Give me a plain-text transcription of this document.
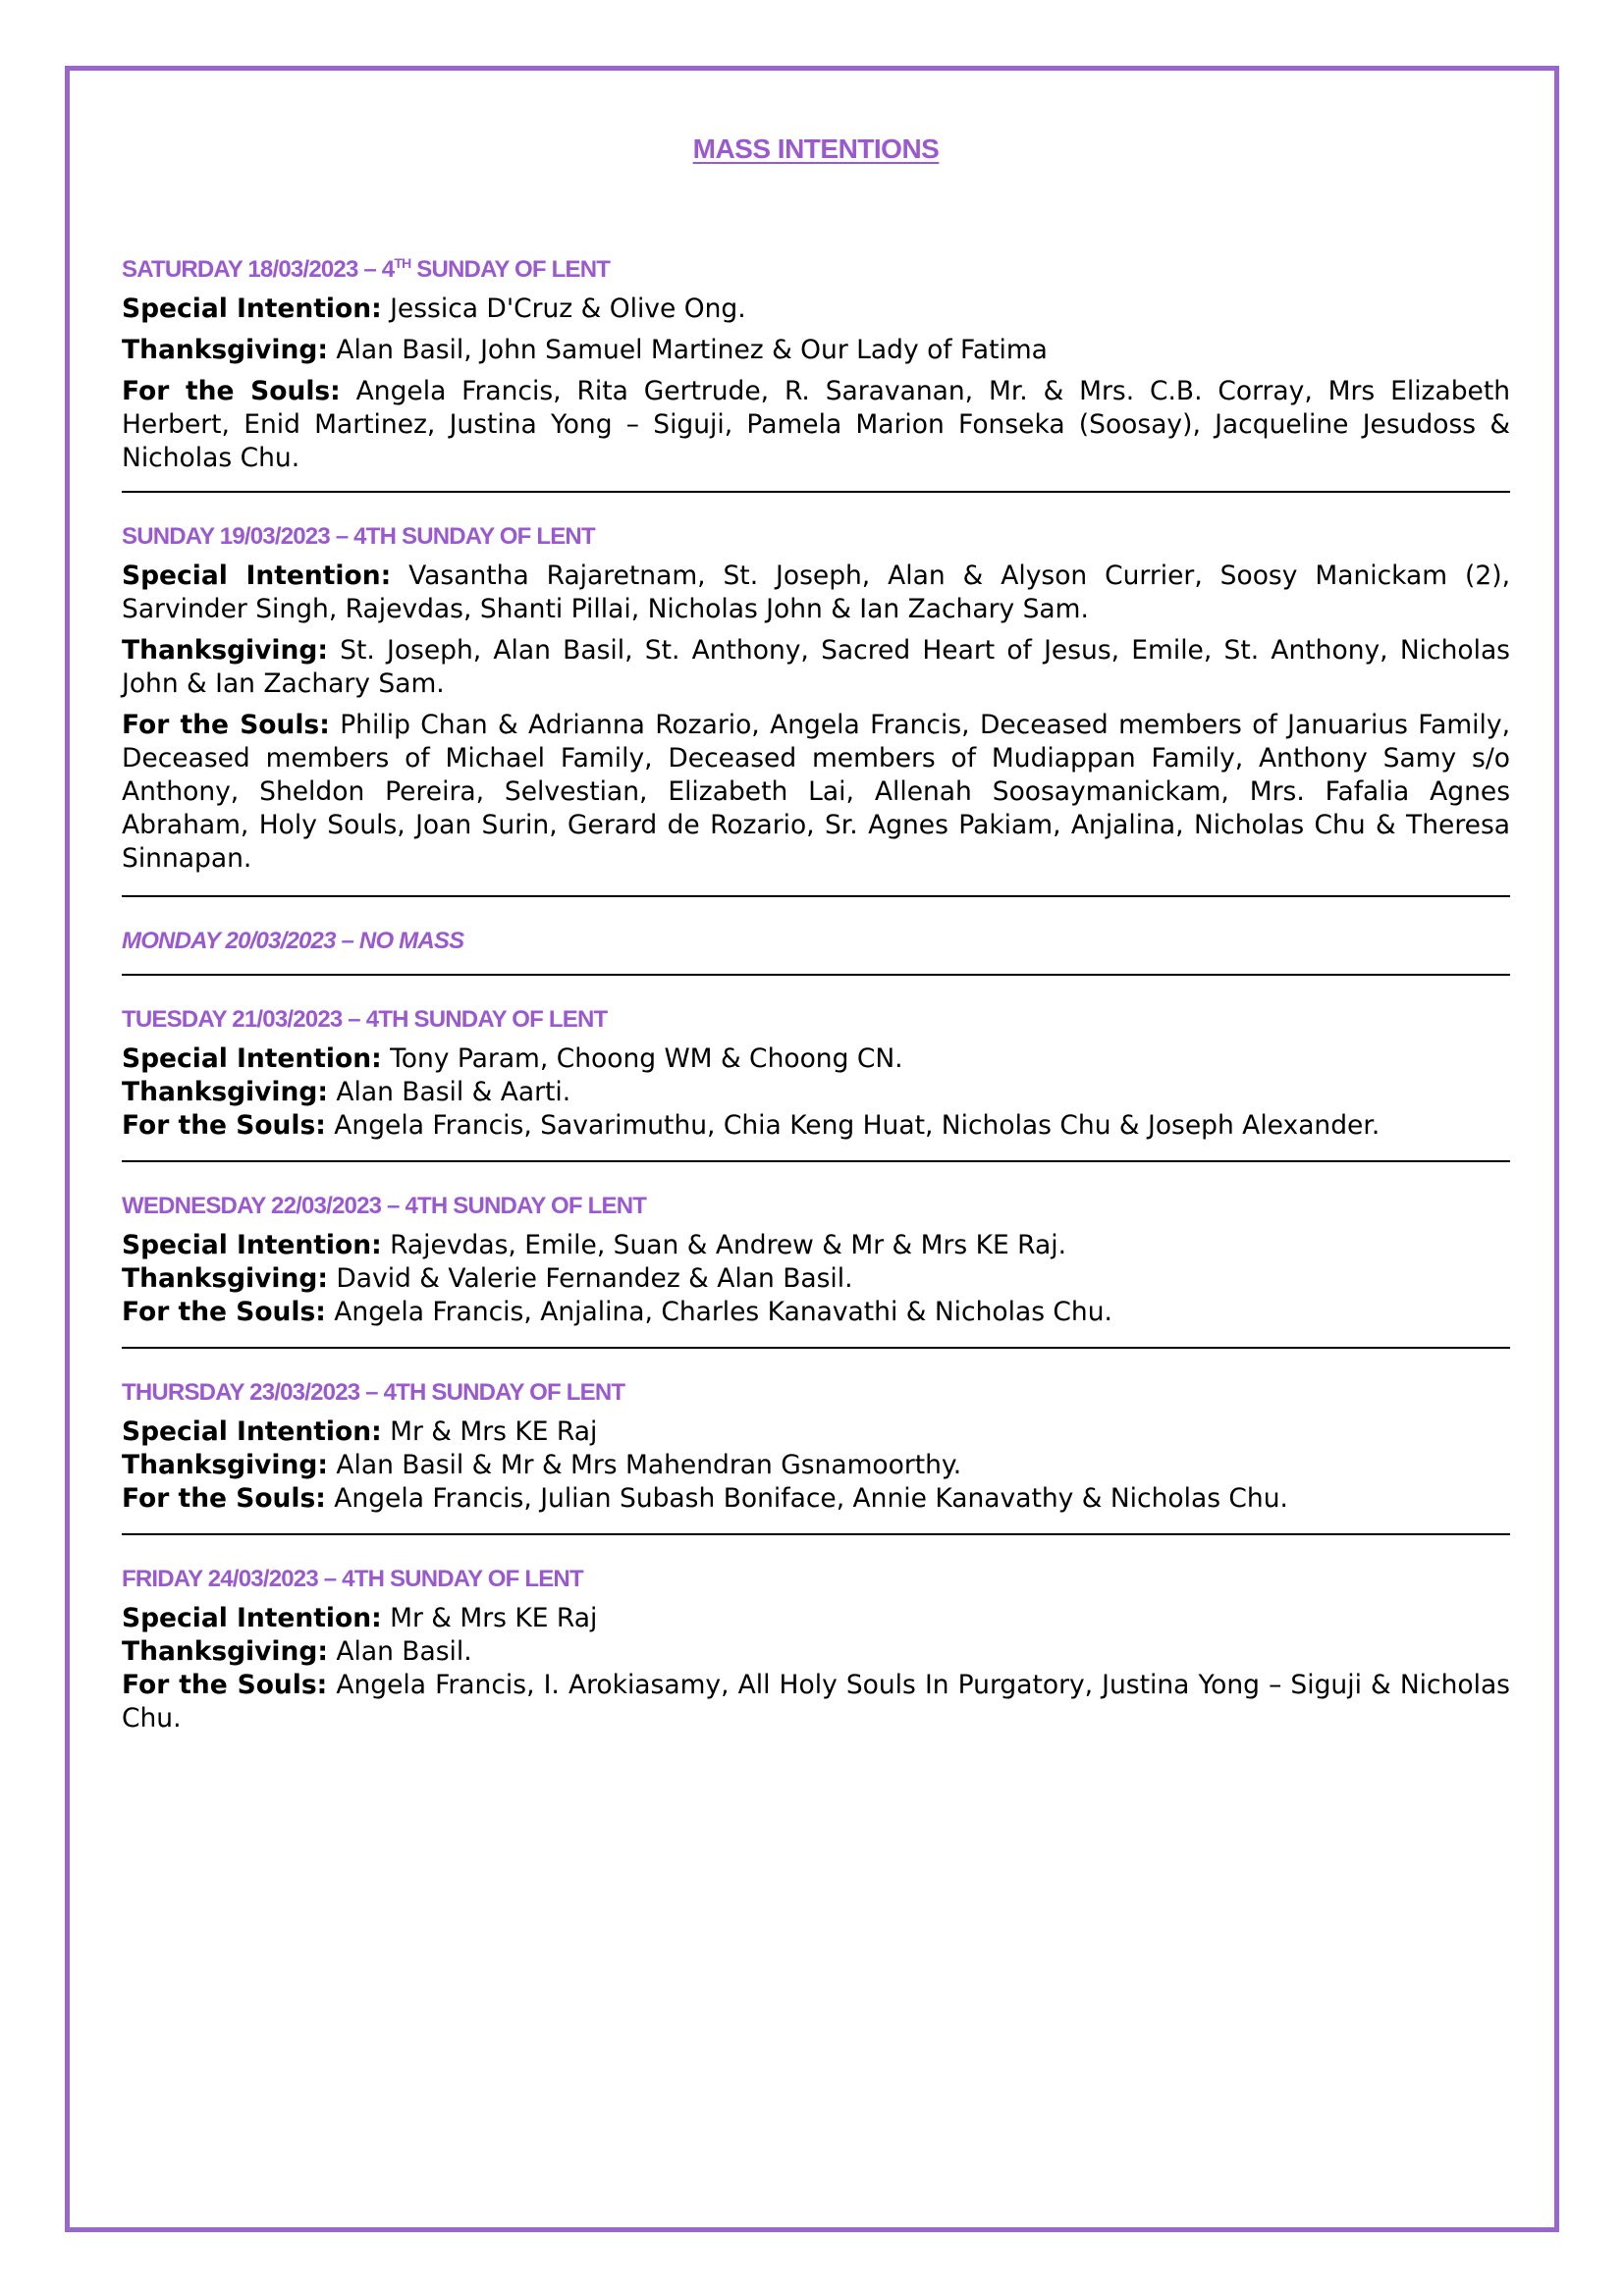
MASS INTENTIONS
SATURDAY 18/03/2023 – 4TH SUNDAY OF LENT

Special Intention: Jessica D'Cruz & Olive Ong.

Thanksgiving: Alan Basil, John Samuel Martinez & Our Lady of Fatima

For the Souls: Angela Francis, Rita Gertrude, R. Saravanan, Mr. & Mrs. C.B. Corray, Mrs Elizabeth Herbert, Enid Martinez, Justina Yong – Siguji, Pamela Marion Fonseka (Soosay), Jacqueline Jesudoss & Nicholas Chu.

SUNDAY 19/03/2023 – 4TH SUNDAY OF LENT

Special Intention: Vasantha Rajaretnam, St. Joseph, Alan & Alyson Currier, Soosy Manickam (2), Sarvinder Singh, Rajevdas, Shanti Pillai, Nicholas John & Ian Zachary Sam.

Thanksgiving: St. Joseph, Alan Basil, St. Anthony, Sacred Heart of Jesus, Emile, St. Anthony, Nicholas John & Ian Zachary Sam.

For the Souls: Philip Chan & Adrianna Rozario, Angela Francis, Deceased members of Januarius Family, Deceased members of Michael Family, Deceased members of Mudiappan Family, Anthony Samy s/o Anthony, Sheldon Pereira, Selvestian, Elizabeth Lai, Allenah Soosaymanickam, Mrs. Fafalia Agnes Abraham, Holy Souls, Joan Surin, Gerard de Rozario, Sr. Agnes Pakiam, Anjalina, Nicholas Chu & Theresa Sinnapan.

MONDAY 20/03/2023 – NO MASS
TUESDAY 21/03/2023 – 4TH SUNDAY OF LENT

Special Intention: Tony Param, Choong WM & Choong CN.

Thanksgiving: Alan Basil & Aarti.

For the Souls: Angela Francis, Savarimuthu, Chia Keng Huat, Nicholas Chu & Joseph Alexander.

WEDNESDAY 22/03/2023 – 4TH SUNDAY OF LENT

Special Intention: Rajevdas, Emile, Suan & Andrew & Mr & Mrs KE Raj.

Thanksgiving: David & Valerie Fernandez & Alan Basil.

For the Souls: Angela Francis, Anjalina, Charles Kanavathi & Nicholas Chu.

THURSDAY 23/03/2023 – 4TH SUNDAY OF LENT

Special Intention: Mr & Mrs KE Raj

Thanksgiving: Alan Basil & Mr & Mrs Mahendran Gsnamoorthy.

For the Souls: Angela Francis, Julian Subash Boniface, Annie Kanavathy & Nicholas Chu.

FRIDAY 24/03/2023 – 4TH SUNDAY OF LENT

Special Intention: Mr & Mrs KE Raj

Thanksgiving: Alan Basil.

For the Souls: Angela Francis, I. Arokiasamy, All Holy Souls In Purgatory, Justina Yong – Siguji & Nicholas Chu.
